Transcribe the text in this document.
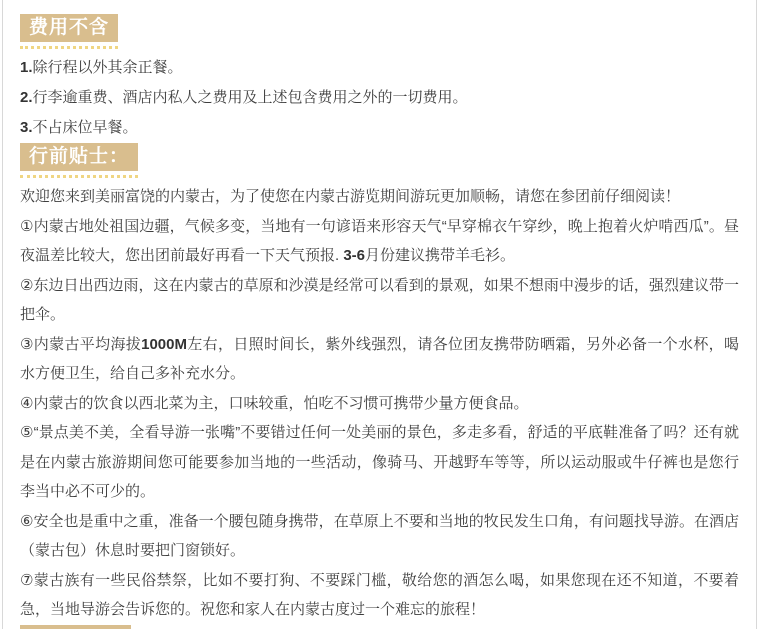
费用不含

1.除行程以外其余正餐。

2.行李逾重费、酒店内私人之费用及上述包含费用之外的一切费用。

3.不占床位早餐。

行前贴士：

欢迎您来到美丽富饶的内蒙古，为了使您在内蒙古游览期间游玩更加顺畅，请您在参团前仔细阅读！

①内蒙古地处祖国边疆，气候多变，当地有一句谚语来形容天气“早穿棉衣午穿纱，晚上抱着火炉啃西瓜”。昼夜温差比较大，您出团前最好再看一下天气预报. 3-6月份建议携带羊毛衫。

②东边日出西边雨，这在内蒙古的草原和沙漠是经常可以看到的景观，如果不想雨中漫步的话，强烈建议带一把伞。

③内蒙古平均海拔1000M左右，日照时间长，紫外线强烈，请各位团友携带防晒霜，另外必备一个水杯，喝水方便卫生，给自己多补充水分。

④内蒙古的饮食以西北菜为主，口味较重，怕吃不习惯可携带少量方便食品。

⑤“景点美不美，全看导游一张嘴”不要错过任何一处美丽的景色，多走多看，舒适的平底鞋准备了吗？还有就是在内蒙古旅游期间您可能要参加当地的一些活动，像骑马、开越野车等等，所以运动服或牛仔裤也是您行李当中必不可少的。

⑥安全也是重中之重，准备一个腰包随身携带，在草原上不要和当地的牧民发生口角，有问题找导游。在酒店（蒙古包）休息时要把门窗锁好。

⑦蒙古族有一些民俗禁祭，比如不要打狗、不要踩门槛，敬给您的酒怎么喝，如果您现在还不知道，不要着急，当地导游会告诉您的。祝您和家人在内蒙古度过一个难忘的旅程！
